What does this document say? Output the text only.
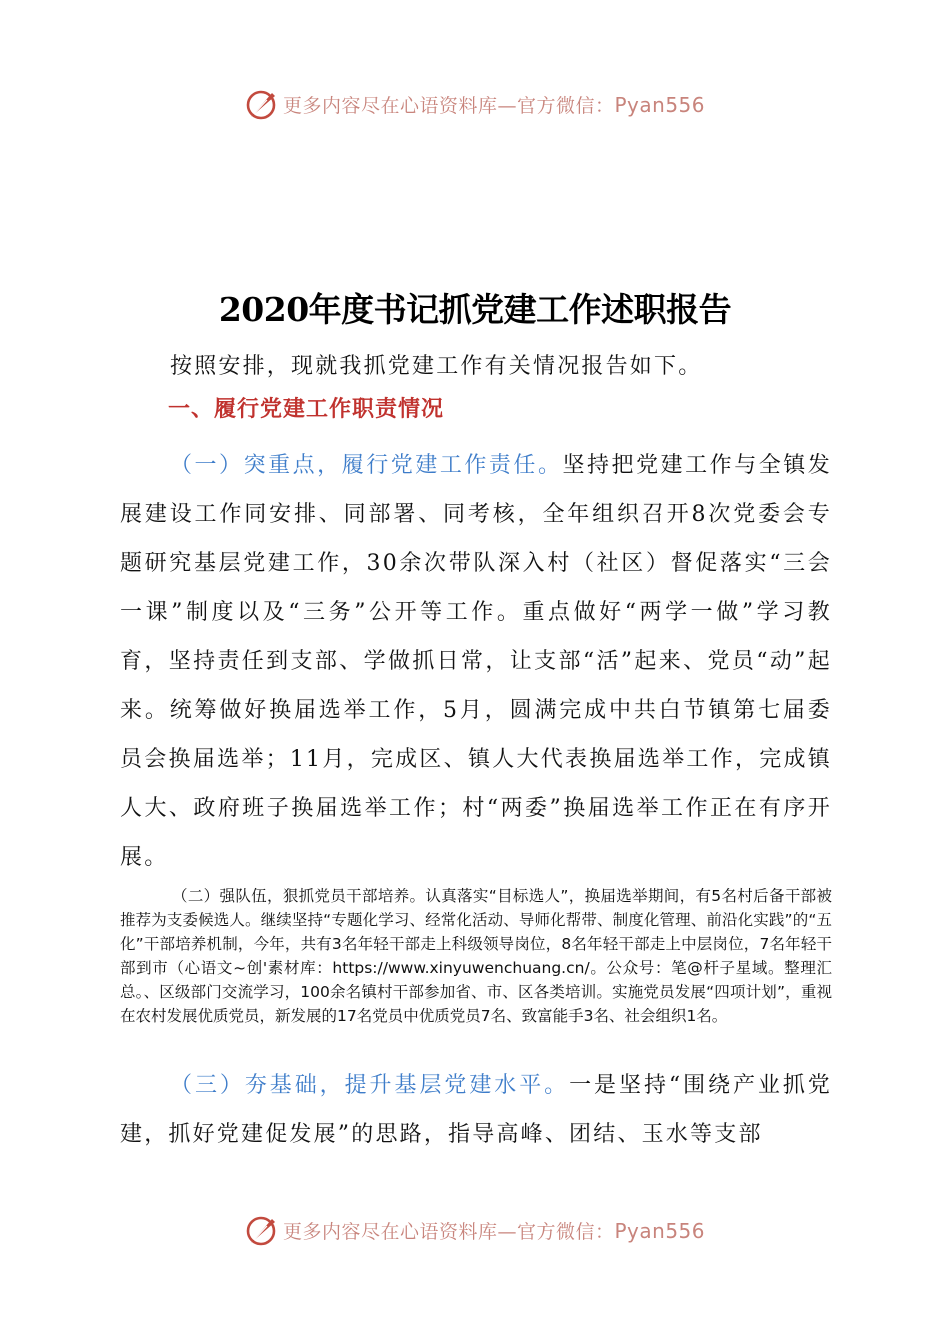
更多内容尽在心语资料库—官方微信：Pyan556
2020年度书记抓党建工作述职报告
按照安排，现就我抓党建工作有关情况报告如下。
一、履行党建工作职责情况
（一）突重点，履行党建工作责任。坚持把党建工作与全镇发展建设工作同安排、同部署、同考核，全年组织召开8次党委会专题研究基层党建工作，30余次带队深入村（社区）督促落实“三会一课”制度以及“三务”公开等工作。重点做好“两学一做”学习教育，坚持责任到支部、学做抓日常，让支部“活”起来、党员“动”起来。统筹做好换届选举工作，5月，圆满完成中共白节镇第七届委员会换届选举；11月，完成区、镇人大代表换届选举工作，完成镇人大、政府班子换届选举工作；村“两委”换届选举工作正在有序开展。
（二）强队伍，狠抓党员干部培养。认真落实“目标选人”，换届选举期间，有5名村后备干部被推荐为支委候选人。继续坚持“专题化学习、经常化活动、导师化帮带、制度化管理、前沿化实践”的“五化”干部培养机制，今年，共有3名年轻干部走上科级领导岗位，8名年轻干部走上中层岗位，7名年轻干部到市（心语文~创'素材库：https://www.xinyuwenchuang.cn/。公众号：笔@杆子星域。整理汇总。、区级部门交流学习，100余名镇村干部参加省、市、区各类培训。实施党员发展“四项计划”，重视在农村发展优质党员，新发展的17名党员中优质党员7名、致富能手3名、社会组织1名。
（三）夯基础，提升基层党建水平。一是坚持“围绕产业抓党建，抓好党建促发展”的思路，指导高峰、团结、玉水等支部
更多内容尽在心语资料库—官方微信：Pyan556
